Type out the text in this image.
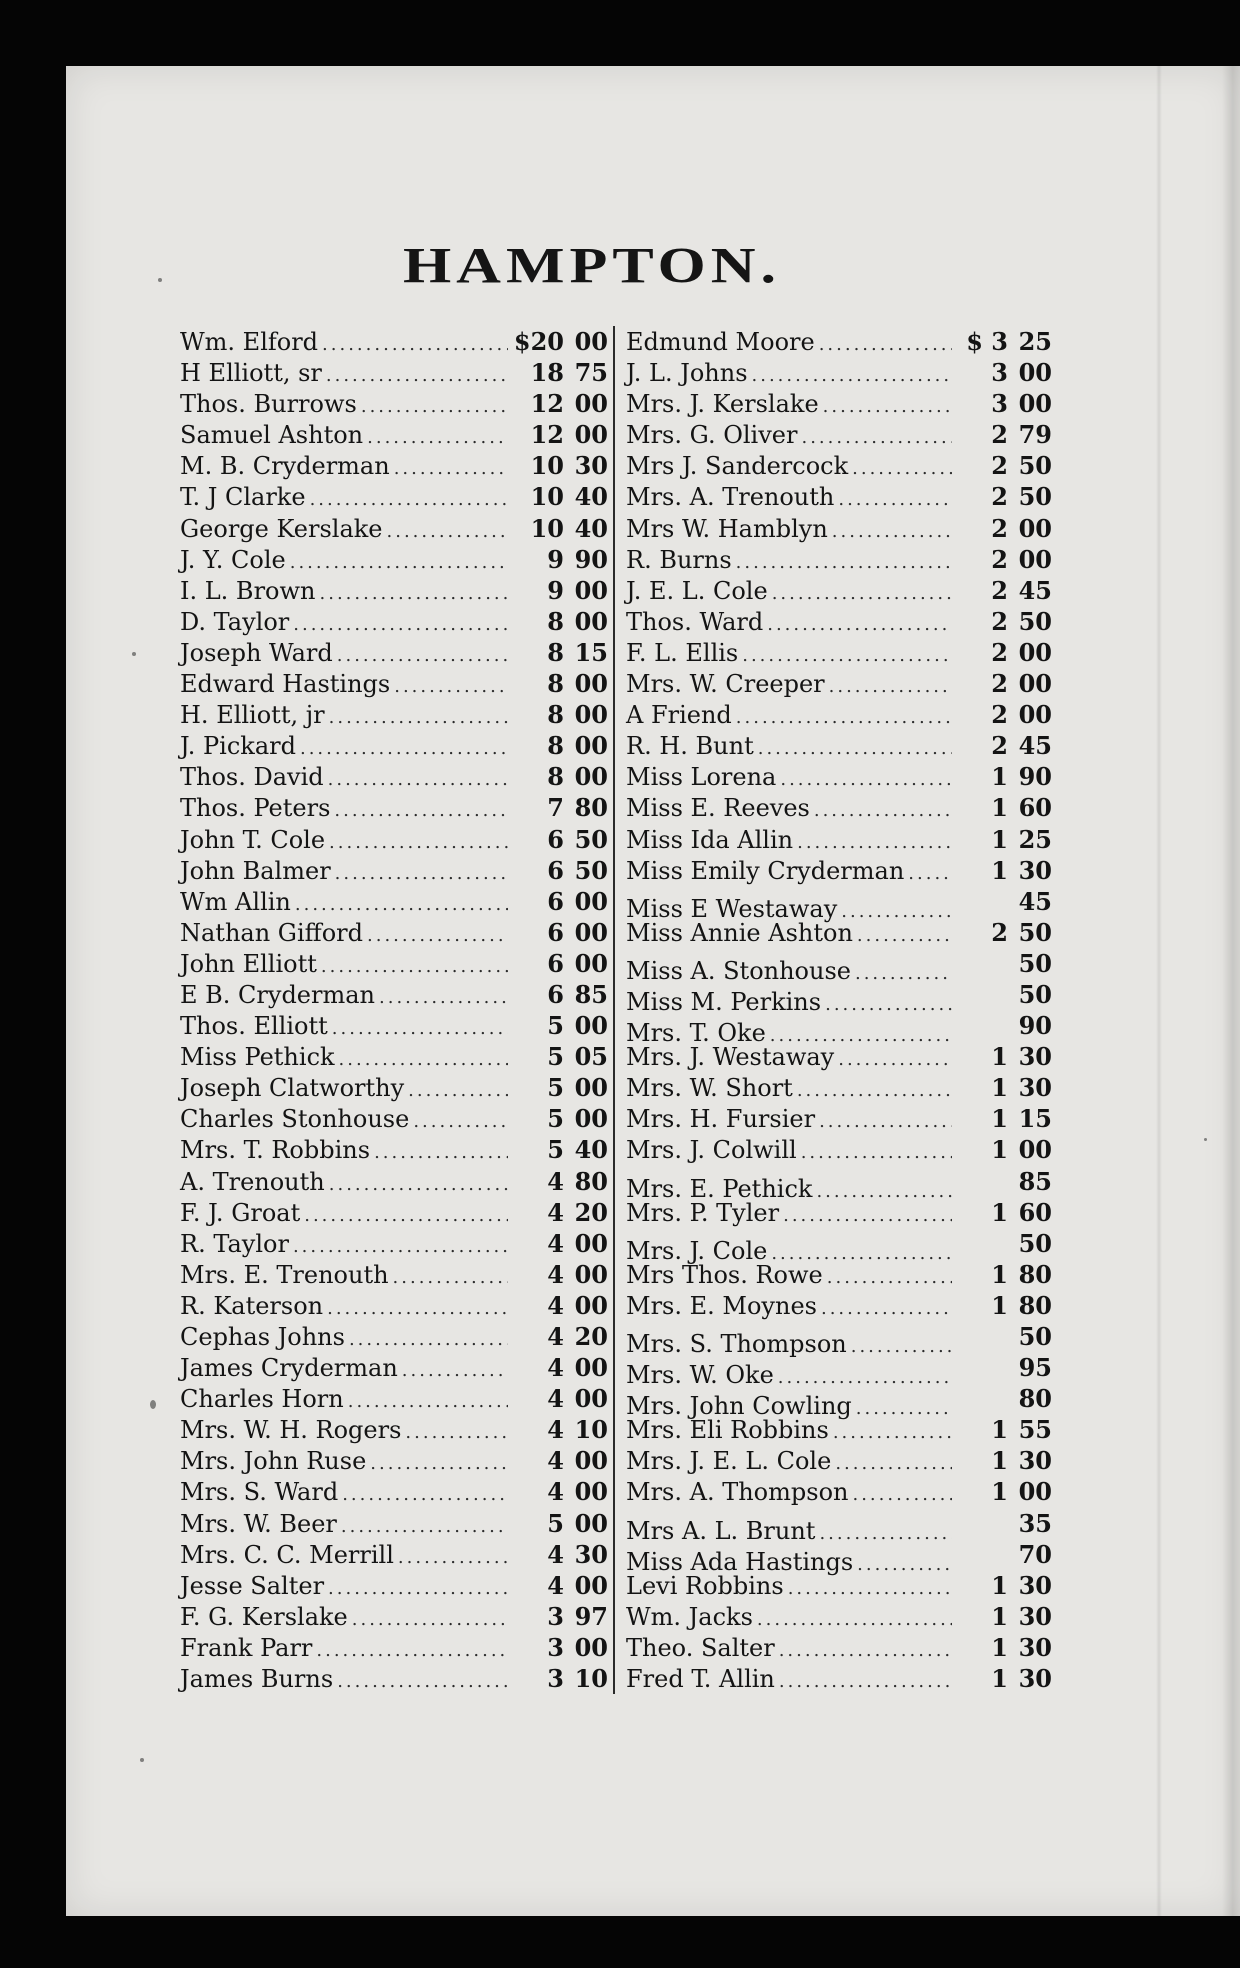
HAMPTON.
Wm. Elford .....	$20 00
H Elliott, sr .....	18 75
Thos. Burrows .....	12 00
Samuel Ashton .....	12 00
M. B. Cryderman .....	10 30
T. J Clarke .....	10 40
George Kerslake .....	10 40
J. Y. Cole .....	9 90
I. L. Brown .....	9 00
D. Taylor .....	8 00
Joseph Ward .....	8 15
Edward Hastings .....	8 00
H. Elliott, jr .....	8 00
J. Pickard .....	8 00
Thos. David .....	8 00
Thos. Peters .....	7 80
John T. Cole .....	6 50
John Balmer .....	6 50
Wm Allin .....	6 00
Nathan Gifford .....	6 00
John Elliott .....	6 00
E B. Cryderman .....	6 85
Thos. Elliott .....	5 00
Miss Pethick .....	5 05
Joseph Clatworthy .....	5 00
Charles Stonhouse .....	5 00
Mrs. T. Robbins .....	5 40
A. Trenouth .....	4 80
F. J. Groat .....	4 20
R. Taylor .....	4 00
Mrs. E. Trenouth .....	4 00
R. Katerson .....	4 00
Cephas Johns .....	4 20
James Cryderman .....	4 00
Charles Horn .....	4 00
Mrs. W. H. Rogers .....	4 10
Mrs. John Ruse .....	4 00
Mrs. S. Ward .....	4 00
Mrs. W. Beer .....	5 00
Mrs. C. C. Merrill .....	4 30
Jesse Salter .....	4 00
F. G. Kerslake .....	3 97
Frank Parr .....	3 00
James Burns .....	3 10
Edmund Moore .....	$ 3 25
J. L. Johns .....	3 00
Mrs. J. Kerslake .....	3 00
Mrs. G. Oliver .....	2 79
Mrs J. Sandercock .....	2 50
Mrs. A. Trenouth .....	2 50
Mrs W. Hamblyn .....	2 00
R. Burns .....	2 00
J. E. L. Cole .....	2 45
Thos. Ward .....	2 50
F. L. Ellis .....	2 00
Mrs. W. Creeper .....	2 00
A Friend .....	2 00
R. H. Bunt .....	2 45
Miss Lorena .....	1 90
Miss E. Reeves .....	1 60
Miss Ida Allin .....	1 25
Miss Emily Cryderman .....	1 30
Miss E Westaway .....	45
Miss Annie Ashton .....	2 50
Miss A. Stonhouse .....	50
Miss M. Perkins .....	50
Mrs. T. Oke .....	90
Mrs. J. Westaway .....	1 30
Mrs. W. Short .....	1 30
Mrs. H. Fursier .....	1 15
Mrs. J. Colwill .....	1 00
Mrs. E. Pethick .....	85
Mrs. P. Tyler .....	1 60
Mrs. J. Cole .....	50
Mrs Thos. Rowe .....	1 80
Mrs. E. Moynes .....	1 80
Mrs. S. Thompson .....	50
Mrs. W. Oke .....	95
Mrs. John Cowling .....	80
Mrs. Eli Robbins .....	1 55
Mrs. J. E. L. Cole .....	1 30
Mrs. A. Thompson .....	1 00
Mrs A. L. Brunt .....	35
Miss Ada Hastings .....	70
Levi Robbins .....	1 30
Wm. Jacks .....	1 30
Theo. Salter .....	1 30
Fred T. Allin .....	1 30
